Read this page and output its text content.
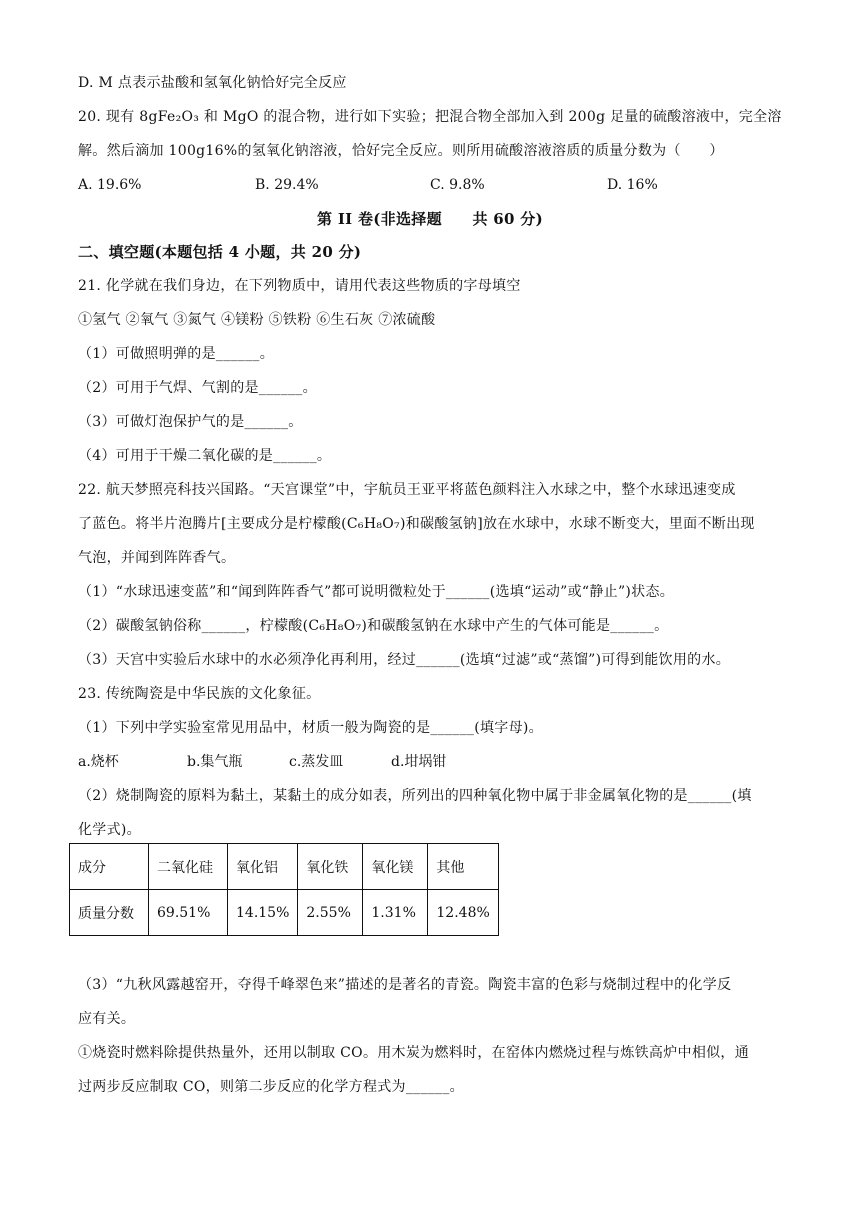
D. M 点表示盐酸和氢氧化钠恰好完全反应
20. 现有 8gFe₂O₃ 和 MgO 的混合物，进行如下实验；把混合物全部加入到 200g 足量的硫酸溶液中，完全溶
解。然后滴加 100g16%的氢氧化钠溶液，恰好完全反应。则所用硫酸溶液溶质的质量分数为（　　）
A. 19.6%	B. 29.4%	C. 9.8%	D. 16%
第 II 卷(非选择题　　共 60 分)
二、填空题(本题包括 4 小题，共 20 分)
21. 化学就在我们身边，在下列物质中，请用代表这些物质的字母填空
①氢气 ②氧气 ③氮气 ④镁粉 ⑤铁粉 ⑥生石灰 ⑦浓硫酸
（1）可做照明弹的是______。
（2）可用于气焊、气割的是______。
（3）可做灯泡保护气的是______。
（4）可用于干燥二氧化碳的是______。
22. 航天梦照亮科技兴国路。“天宫课堂”中，宇航员王亚平将蓝色颜料注入水球之中，整个水球迅速变成
了蓝色。将半片泡腾片[主要成分是柠檬酸(C₆H₈O₇)和碳酸氢钠]放在水球中，水球不断变大，里面不断出现
气泡，并闻到阵阵香气。
（1）“水球迅速变蓝”和“闻到阵阵香气”都可说明微粒处于______(选填“运动”或“静止”)状态。
（2）碳酸氢钠俗称______，柠檬酸(C₆H₈O₇)和碳酸氢钠在水球中产生的气体可能是______。
（3）天宫中实验后水球中的水必须净化再利用，经过______(选填“过滤”或“蒸馏”)可得到能饮用的水。
23. 传统陶瓷是中华民族的文化象征。
（1）下列中学实验室常见用品中，材质一般为陶瓷的是______(填字母)。
a.烧杯	b.集气瓶	c.蒸发皿	d.坩埚钳
（2）烧制陶瓷的原料为黏土，某黏土的成分如表，所列出的四种氧化物中属于非金属氧化物的是______(填
化学式)。
成分	二氧化硅	氧化铝	氧化铁	氧化镁	其他
质量分数	69.51%	14.15%	2.55%	1.31%	12.48%
（3）“九秋风露越窑开，夺得千峰翠色来”描述的是著名的青瓷。陶瓷丰富的色彩与烧制过程中的化学反
应有关。
①烧瓷时燃料除提供热量外，还用以制取 CO。用木炭为燃料时，在窑体内燃烧过程与炼铁高炉中相似，通
过两步反应制取 CO，则第二步反应的化学方程式为______。
